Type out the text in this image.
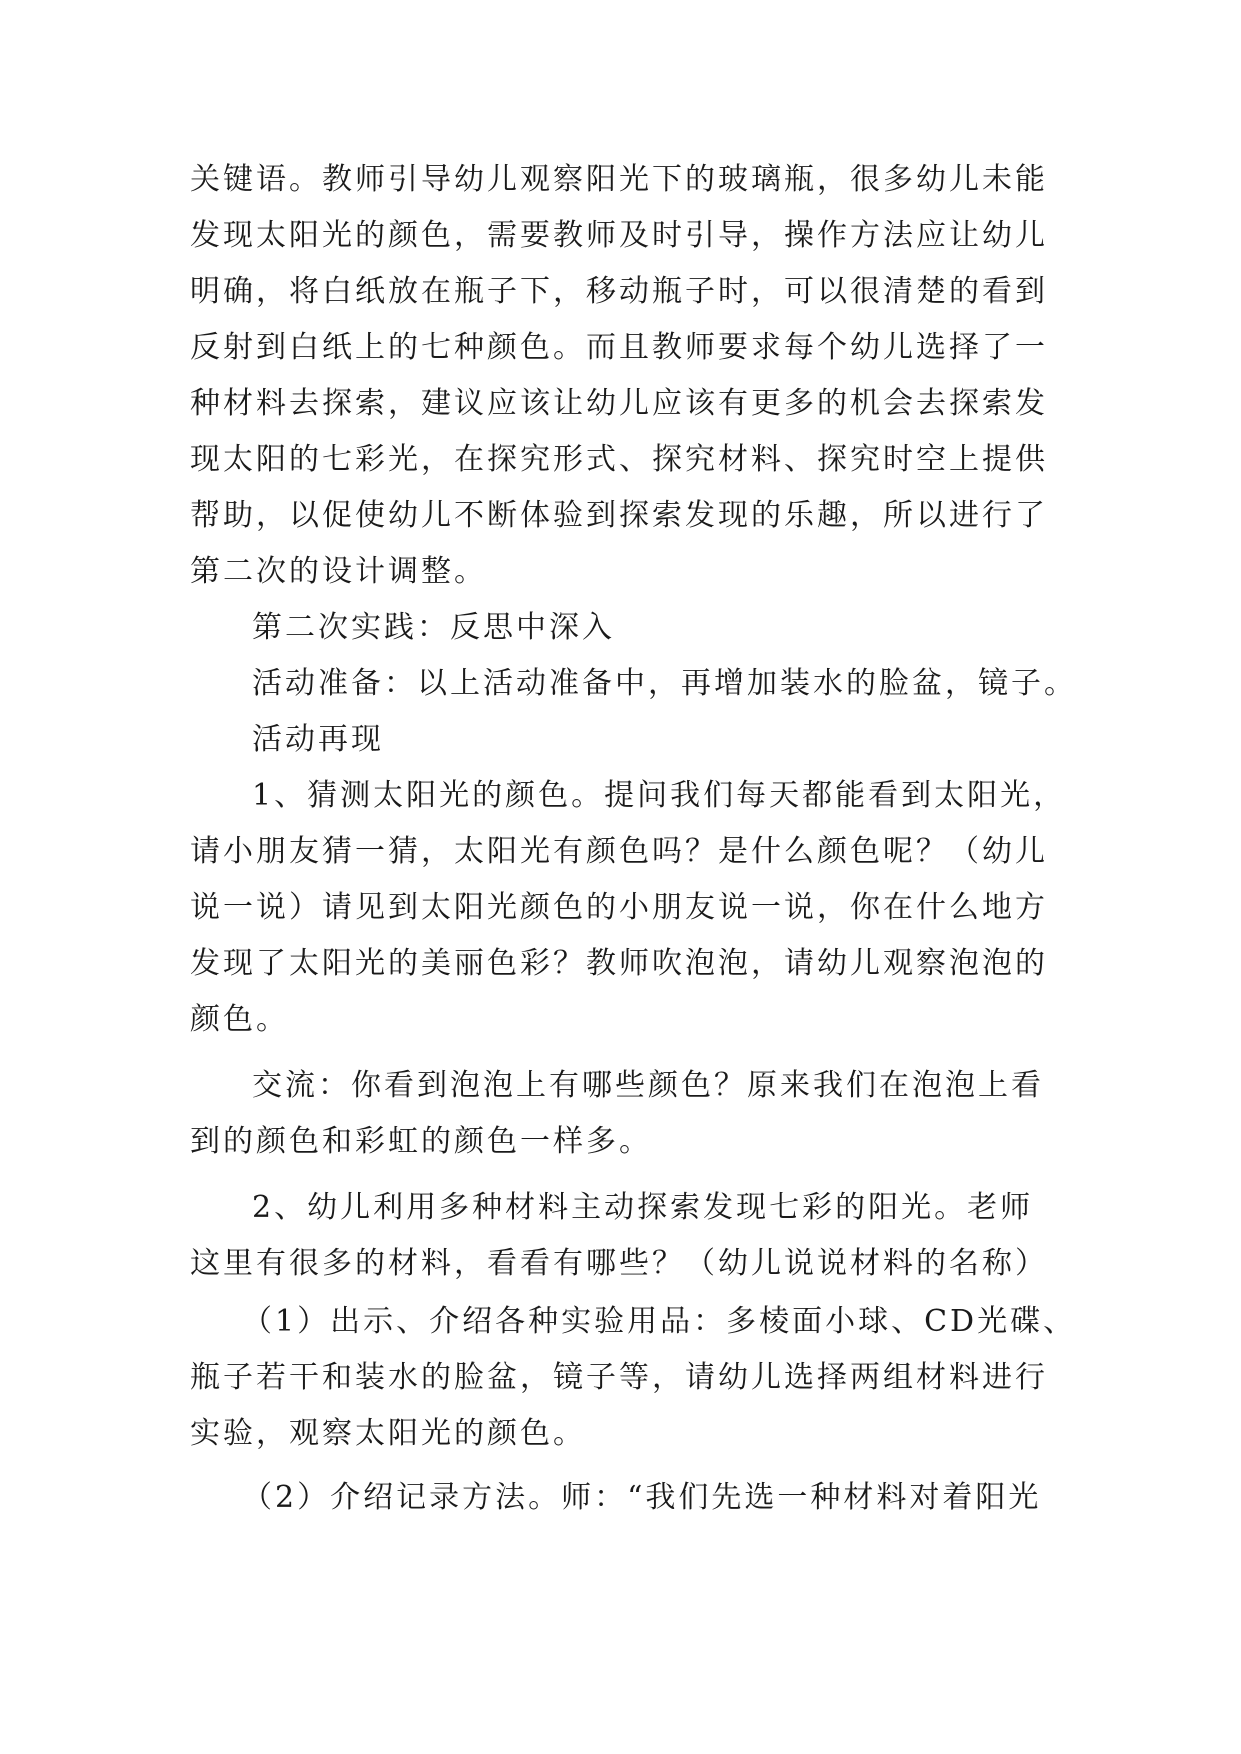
关键语。教师引导幼儿观察阳光下的玻璃瓶，很多幼儿未能
发现太阳光的颜色，需要教师及时引导，操作方法应让幼儿
明确，将白纸放在瓶子下，移动瓶子时，可以很清楚的看到
反射到白纸上的七种颜色。而且教师要求每个幼儿选择了一
种材料去探索，建议应该让幼儿应该有更多的机会去探索发
现太阳的七彩光，在探究形式、探究材料、探究时空上提供
帮助，以促使幼儿不断体验到探索发现的乐趣，所以进行了
第二次的设计调整。
第二次实践：反思中深入
活动准备：以上活动准备中，再增加装水的脸盆，镜子。
活动再现
1、猜测太阳光的颜色。提问我们每天都能看到太阳光，
请小朋友猜一猜，太阳光有颜色吗？是什么颜色呢？（幼儿
说一说）请见到太阳光颜色的小朋友说一说，你在什么地方
发现了太阳光的美丽色彩？教师吹泡泡，请幼儿观察泡泡的
颜色。
交流：你看到泡泡上有哪些颜色？原来我们在泡泡上看
到的颜色和彩虹的颜色一样多。
2、幼儿利用多种材料主动探索发现七彩的阳光。老师
这里有很多的材料，看看有哪些？（幼儿说说材料的名称）
（1）出示、介绍各种实验用品：多棱面小球、CD光碟、
瓶子若干和装水的脸盆，镜子等，请幼儿选择两组材料进行
实验，观察太阳光的颜色。
（2）介绍记录方法。师：“我们先选一种材料对着阳光
